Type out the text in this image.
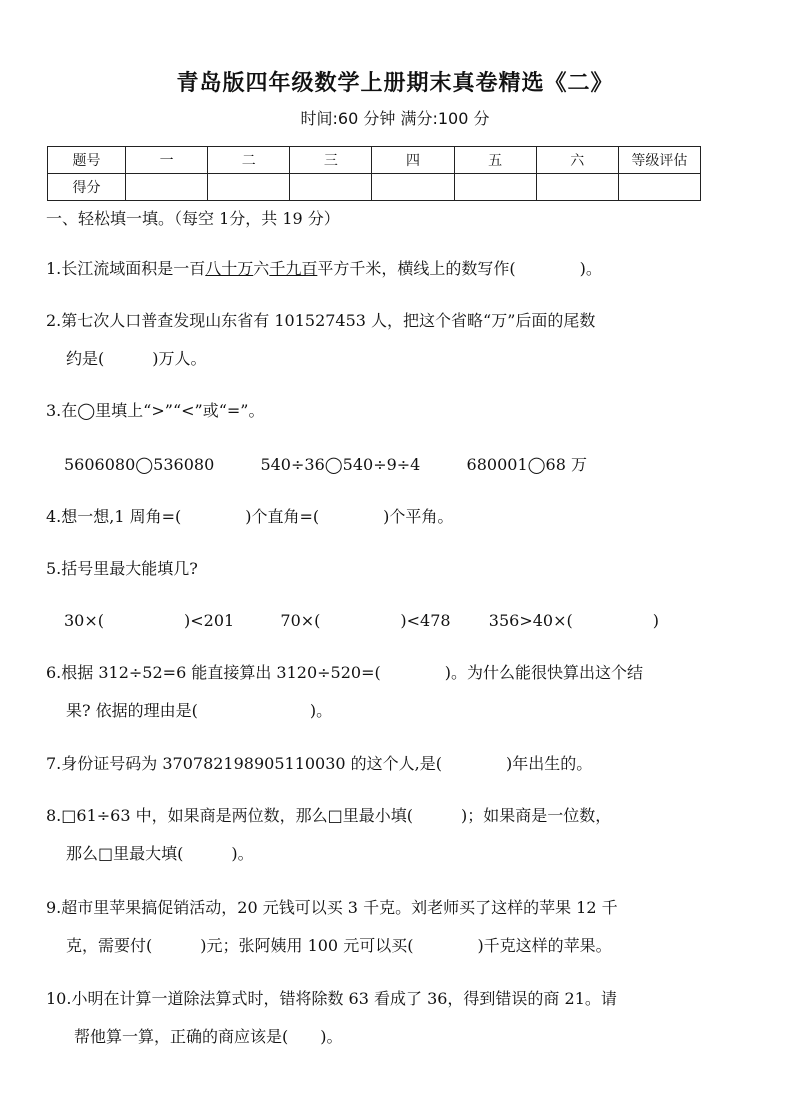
青岛版四年级数学上册期末真卷精选《二》
时间:60 分钟 满分:100 分
题号	一	二	三	四	五	六	等级评估
得分							
一、轻松填一填。（每空 1分，共 19 分）
1.长江流域面积是一百八十万六千九百平方千米，横线上的数写作(　　　　)。
2.第七次人口普查发现山东省有 101527453 人，把这个省略“万”后面的尾数
约是(　　　)万人。
3.在◯里填上“>”“<”或“=”。
5606080◯536080	540÷36◯540÷9÷4	680001◯68 万
4.想一想,1 周角=(　　　　)个直角=(　　　　)个平角。
5.括号里最大能填几?
30×(　　　　　)<201	70×(　　　　　)<478 356>40×(　　　　　)
6.根据 312÷52=6 能直接算出 3120÷520=(　　　　)。为什么能很快算出这个结
果? 依据的理由是(　　　　　　　)。
7.身份证号码为 370782198905110030 的这个人,是(　　　　)年出生的。
8.□61÷63 中，如果商是两位数，那么□里最小填(　　　)；如果商是一位数，
那么□里最大填(　　　)。
9.超市里苹果搞促销活动，20 元钱可以买 3 千克。刘老师买了这样的苹果 12 千
克，需要付(　　　)元；张阿姨用 100 元可以买(　　　　)千克这样的苹果。
10.小明在计算一道除法算式时，错将除数 63 看成了 36，得到错误的商 21。请
帮他算一算，正确的商应该是(　　)。
